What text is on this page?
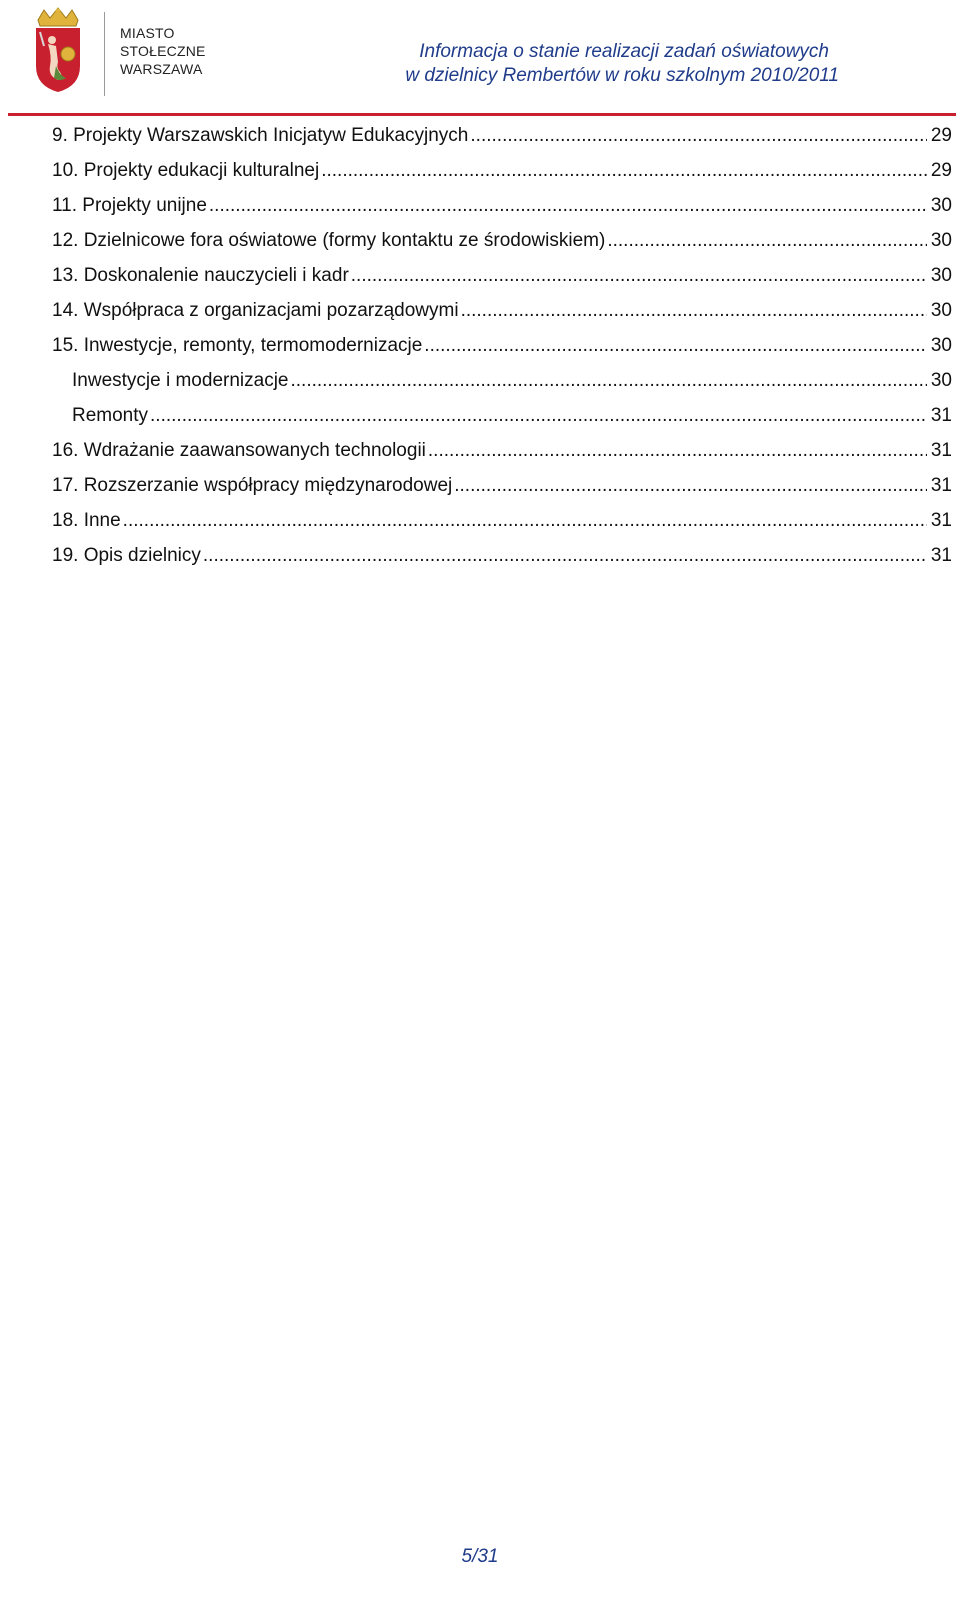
MIASTO
STOŁECZNE
WARSZAWA
Informacja o stanie realizacji zadań oświatowych
w dzielnicy Rembertów w roku szkolnym 2010/2011
9. Projekty Warszawskich Inicjatyw Edukacyjnych .....	29
10. Projekty edukacji kulturalnej .....	29
11. Projekty unijne .....	30
12. Dzielnicowe fora oświatowe (formy kontaktu ze środowiskiem) .....	30
13. Doskonalenie nauczycieli i kadr .....	30
14. Współpraca z organizacjami pozarządowymi .....	30
15. Inwestycje, remonty, termomodernizacje .....	30
Inwestycje i modernizacje .....	30
Remonty .....	31
16. Wdrażanie zaawansowanych technologii .....	31
17. Rozszerzanie współpracy międzynarodowej .....	31
18. Inne .....	31
19. Opis dzielnicy .....	31
5/31
